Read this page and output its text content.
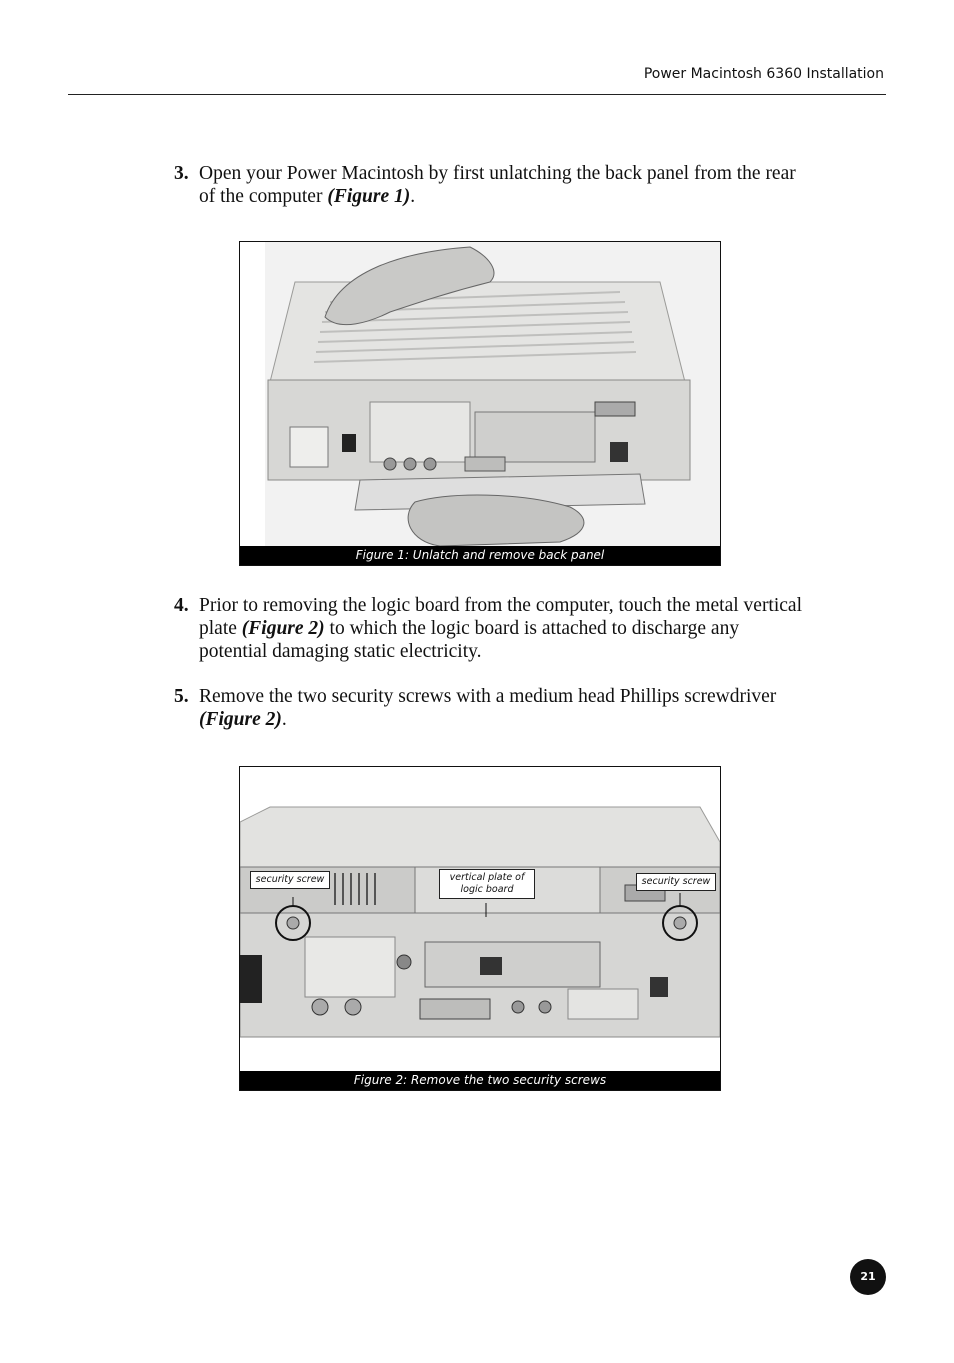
Power Macintosh 6360 Installation
3. Open your Power Macintosh by first unlatching the back panel from the rear of the computer (Figure 1).
Figure 1: Unlatch and remove back panel
4. Prior to removing the logic board from the computer, touch the metal vertical plate (Figure 2) to which the logic board is attached to discharge any potential damaging static electricity.
5. Remove the two security screws with a medium head Phillips screwdriver (Figure 2).
security screw	vertical plate of logic board
security screw
Figure 2: Remove the two security screws
21
